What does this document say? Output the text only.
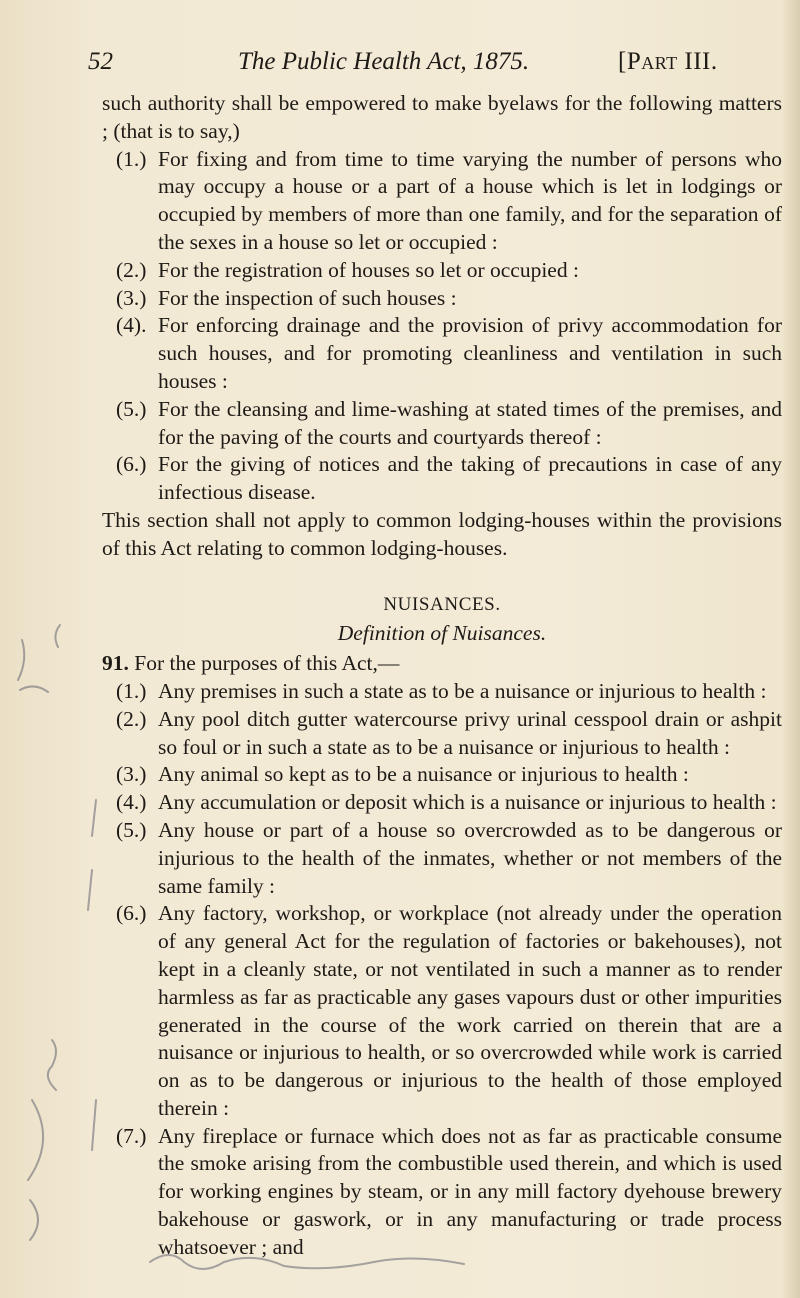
52	The Public Health Act, 1875.	[Part III.

such authority shall be empowered to make byelaws for the following matters ; (that is to say,)

(1.) For fixing and from time to time varying the number of persons who may occupy a house or a part of a house which is let in lodgings or occupied by members of more than one family, and for the separation of the sexes in a house so let or occupied :
(2.) For the registration of houses so let or occupied :
(3.) For the inspection of such houses :
(4). For enforcing drainage and the provision of privy accommodation for such houses, and for promoting cleanliness and ventilation in such houses :
(5.) For the cleansing and lime-washing at stated times of the premises, and for the paving of the courts and courtyards thereof :
(6.) For the giving of notices and the taking of precautions in case of any infectious disease.

This section shall not apply to common lodging-houses within the provisions of this Act relating to common lodging-houses.

NUISANCES.
Definition of Nuisances.

91. For the purposes of this Act,—

(1.) Any premises in such a state as to be a nuisance or injurious to health :
(2.) Any pool ditch gutter watercourse privy urinal cesspool drain or ashpit so foul or in such a state as to be a nuisance or injurious to health :
(3.) Any animal so kept as to be a nuisance or injurious to health :
(4.) Any accumulation or deposit which is a nuisance or injurious to health :
(5.) Any house or part of a house so overcrowded as to be dangerous or injurious to the health of the inmates, whether or not members of the same family :
(6.) Any factory, workshop, or workplace (not already under the operation of any general Act for the regulation of factories or bakehouses), not kept in a cleanly state, or not ventilated in such a manner as to render harmless as far as practicable any gases vapours dust or other impurities generated in the course of the work carried on therein that are a nuisance or injurious to health, or so overcrowded while work is carried on as to be dangerous or injurious to the health of those employed therein :
(7.) Any fireplace or furnace which does not as far as practicable consume the smoke arising from the combustible used therein, and which is used for working engines by steam, or in any mill factory dyehouse brewery bakehouse or gaswork, or in any manufacturing or trade process whatsoever ; and
